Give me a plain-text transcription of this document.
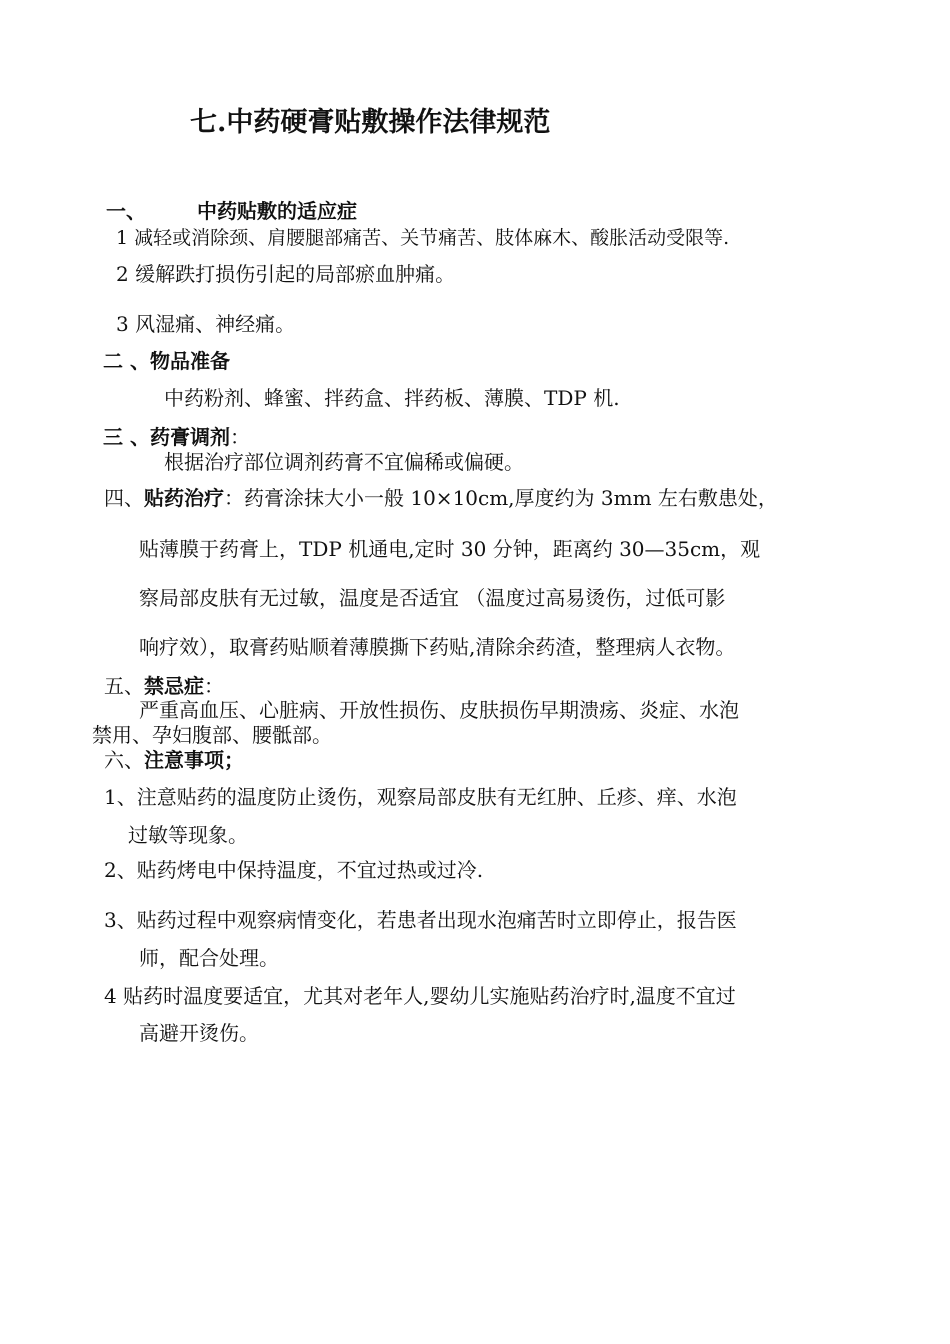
七.中药硬膏贴敷操作法律规范
一、	中药贴敷的适应症
1 减轻或消除颈、肩腰腿部痛苦、关节痛苦、肢体麻木、酸胀活动受限等.
2 缓解跌打损伤引起的局部瘀血肿痛。
3 风湿痛、神经痛。
二 、物品准备
中药粉剂、蜂蜜、拌药盒、拌药板、薄膜、TDP 机.
三 、药膏调剂：
根据治疗部位调剂药膏不宜偏稀或偏硬。
四、贴药治疗：药膏涂抹大小一般 10×10cm,厚度约为 3mm 左右敷患处，
贴薄膜于药膏上，TDP 机通电,定时 30 分钟，距离约 30—35cm，观
察局部皮肤有无过敏，温度是否适宜 （温度过高易烫伤，过低可影
响疗效），取膏药贴顺着薄膜撕下药贴,清除余药渣，整理病人衣物。
五、禁忌症：
严重高血压、心脏病、开放性损伤、皮肤损伤早期溃疡、炎症、水泡
禁用、孕妇腹部、腰骶部。
六、注意事项；
1、注意贴药的温度防止烫伤，观察局部皮肤有无红肿、丘疹、痒、水泡
过敏等现象。
2、贴药烤电中保持温度，不宜过热或过冷.
3、贴药过程中观察病情变化，若患者出现水泡痛苦时立即停止，报告医
师，配合处理。
4 贴药时温度要适宜，尤其对老年人,婴幼儿实施贴药治疗时,温度不宜过
高避开烫伤。
